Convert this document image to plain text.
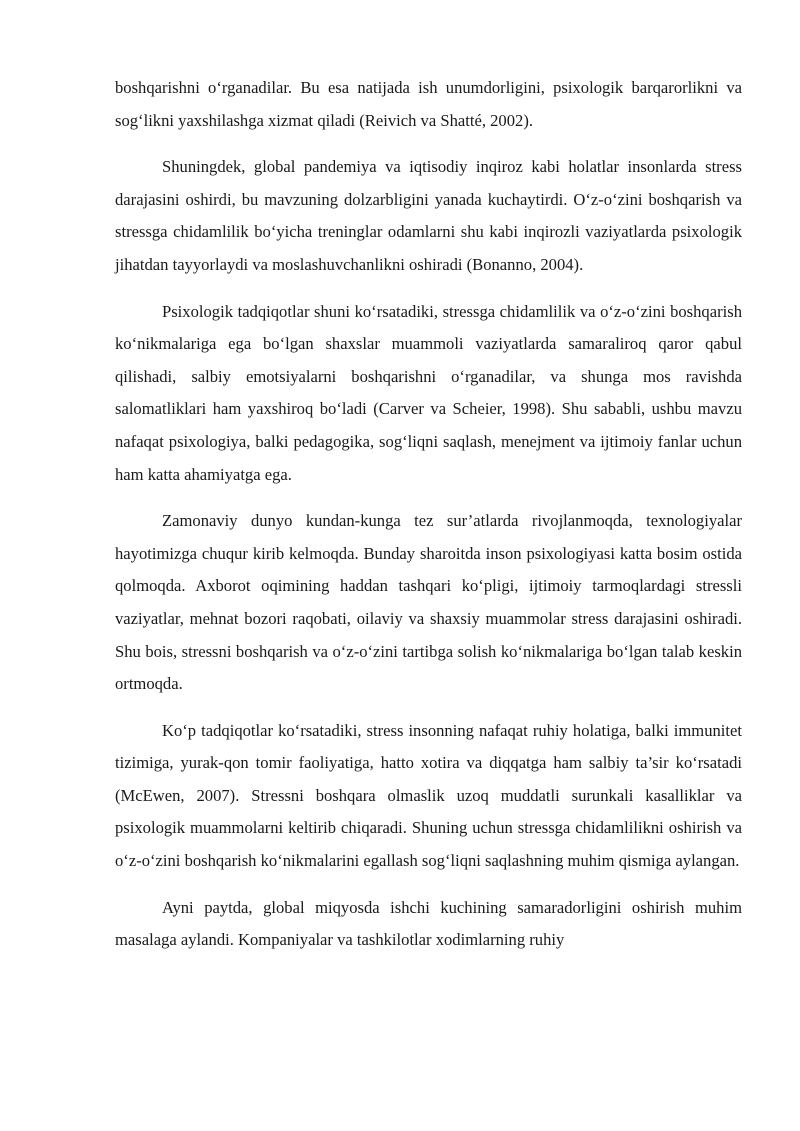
boshqarishni o‘rganadilar. Bu esa natijada ish unumdorligini, psixologik barqarorlikni va sog‘likni yaxshilashga xizmat qiladi (Reivich va Shatté, 2002).

Shuningdek, global pandemiya va iqtisodiy inqiroz kabi holatlar insonlarda stress darajasini oshirdi, bu mavzuning dolzarbligini yanada kuchaytirdi. O‘z-o‘zini boshqarish va stressga chidamlilik bo‘yicha treninglar odamlarni shu kabi inqirozli vaziyatlarda psixologik jihatdan tayyorlaydi va moslashuvchanlikni oshiradi (Bonanno, 2004).

Psixologik tadqiqotlar shuni ko‘rsatadiki, stressga chidamlilik va o‘z-o‘zini boshqarish ko‘nikmalariga ega bo‘lgan shaxslar muammoli vaziyatlarda samaraliroq qaror qabul qilishadi, salbiy emotsiyalarni boshqarishni o‘rganadilar, va shunga mos ravishda salomatliklari ham yaxshiroq bo‘ladi (Carver va Scheier, 1998). Shu sababli, ushbu mavzu nafaqat psixologiya, balki pedagogika, sog‘liqni saqlash, menejment va ijtimoiy fanlar uchun ham katta ahamiyatga ega.

Zamonaviy dunyo kundan-kunga tez sur’atlarda rivojlanmoqda, texnologiyalar hayotimizga chuqur kirib kelmoqda. Bunday sharoitda inson psixologiyasi katta bosim ostida qolmoqda. Axborot oqimining haddan tashqari ko‘pligi, ijtimoiy tarmoqlardagi stressli vaziyatlar, mehnat bozori raqobati, oilaviy va shaxsiy muammolar stress darajasini oshiradi. Shu bois, stressni boshqarish va o‘z-o‘zini tartibga solish ko‘nikmalariga bo‘lgan talab keskin ortmoqda.

Ko‘p tadqiqotlar ko‘rsatadiki, stress insonning nafaqat ruhiy holatiga, balki immunitet tizimiga, yurak-qon tomir faoliyatiga, hatto xotira va diqqatga ham salbiy ta’sir ko‘rsatadi (McEwen, 2007). Stressni boshqara olmaslik uzoq muddatli surunkali kasalliklar va psixologik muammolarni keltirib chiqaradi. Shuning uchun stressga chidamlilikni oshirish va o‘z-o‘zini boshqarish ko‘nikmalarini egallash sog‘liqni saqlashning muhim qismiga aylangan.

Ayni paytda, global miqyosda ishchi kuchining samaradorligini oshirish muhim masalaga aylandi. Kompaniyalar va tashkilotlar xodimlarning ruhiy
